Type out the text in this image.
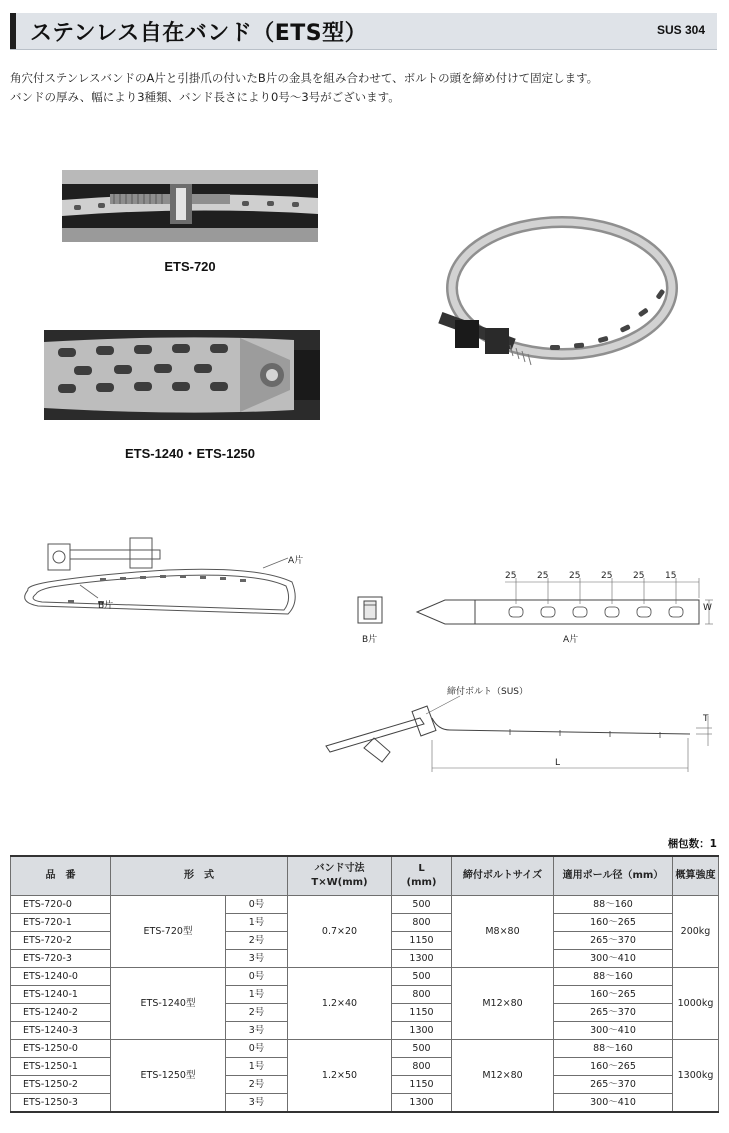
ステンレス自在バンド（ETS型）	SUS 304
角穴付ステンレスバンドのA片と引掛爪の付いたB片の金具を組み合わせて、ボルトの頭を締め付けて固定します。
バンドの厚み、幅により3種類、バンド長さにより0号～3号がございます。
ETS-720
ETS-1240・ETS-1250
A片
B片
B片
25 25 25 25 25 15
W
A片
締付ボルト（SUS）
T
L
梱包数：1
品　番	形　式		バンド寸法
T×W(mm)	L
(mm)	締付ボルトサイズ	適用ポール径（mm）	概算強度
ETS-720-0	ETS-720型	0号	0.7×20	500	M8×80	88～160	200kg
ETS-720-1		1号		800		160～265	
ETS-720-2		2号		1150		265～370	
ETS-720-3		3号		1300		300～410	
ETS-1240-0	ETS-1240型	0号	1.2×40	500	M12×80	88～160	1000kg
ETS-1240-1		1号		800		160～265	
ETS-1240-2		2号		1150		265～370	
ETS-1240-3		3号		1300		300～410	
ETS-1250-0	ETS-1250型	0号	1.2×50	500	M12×80	88～160	1300kg
ETS-1250-1		1号		800		160～265	
ETS-1250-2		2号		1150		265～370	
ETS-1250-3		3号		1300		300～410	
